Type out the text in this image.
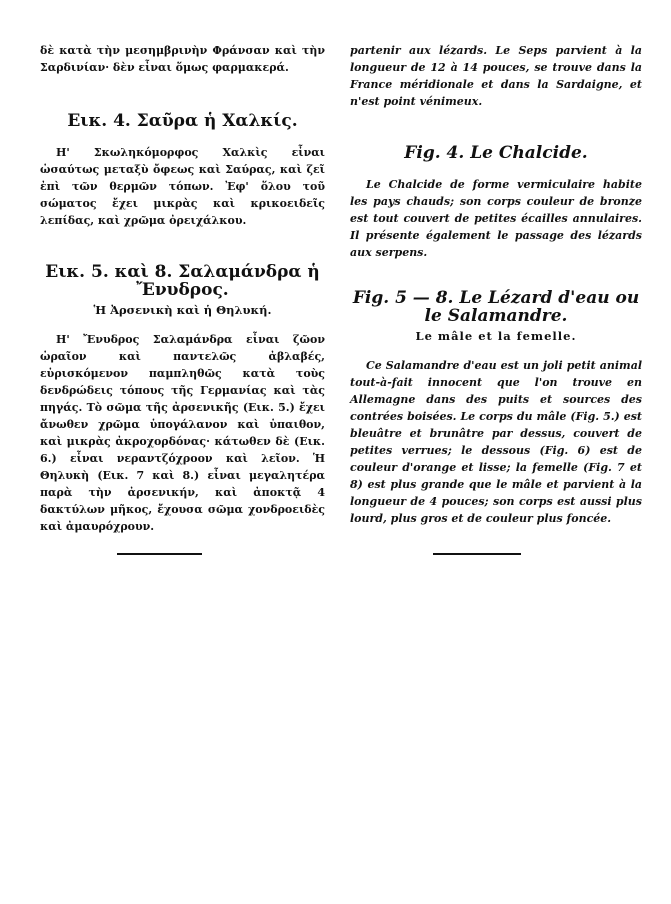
δὲ κατὰ τὴν μεσημβρινὴν Φράνσαν καὶ τὴν Σαρδινίαν· δὲν εἶναι ὅμως φαρμακερά.

Εικ. 4. Σαῦρα ἡ Χαλκίς.

Η' Σκωληκόμορφος Χαλκὶς εἶναι ὡσαύτως μεταξὺ ὄφεως καὶ Σαύρας, καὶ ζεῖ ἐπὶ τῶν θερμῶν τόπων. Ἐφ' ὅλου τοῦ σώματος ἔχει μικρὰς καὶ κρικοειδεῖς λεπίδας, καὶ χρῶμα ὀρειχάλκου.

Εικ. 5. καὶ 8. Σαλαμάνδρα ἡ Ἔνυδρος.
Ἡ Ἀρσενικὴ καὶ ἡ Θηλυκή.

Η' Ἔνυδρος Σαλαμάνδρα εἶναι ζῶον ὡραῖον καὶ παντελῶς ἀβλαβές, εὑρισκόμενον παμπληθῶς κατὰ τοὺς δενδρώδεις τόπους τῆς Γερμανίας καὶ τὰς πηγάς. Τὸ σῶμα τῆς ἀρσενικῆς (Εικ. 5.) ἔχει ἄνωθεν χρῶμα ὑπογάλανον καὶ ὑπαιθον, καὶ μικρὰς ἀκροχορδόνας· κάτωθεν δὲ (Εικ. 6.) εἶναι νεραντζόχροον καὶ λεῖον. Ἡ Θηλυκὴ (Εικ. 7 καὶ 8.) εἶναι μεγαλητέρα παρὰ τὴν ἀρσενικήν, καὶ ἀποκτᾷ 4 δακτύλων μῆκος, ἔχουσα σῶμα χονδροειδὲς καὶ ἀμαυρόχρουν.

partenir aux lézards. Le Seps parvient à la longueur de 12 à 14 pouces, se trouve dans la France méridionale et dans la Sardaigne, et n'est point vénimeux.

Fig. 4. Le Chalcide.

Le Chalcide de forme vermiculaire habite les pays chauds; son corps couleur de bronze est tout couvert de petites écailles annulaires. Il présente également le passage des lézards aux serpens.

Fig. 5 — 8. Le Lézard d'eau ou le Salamandre.
Le mâle et la femelle.

Ce Salamandre d'eau est un joli petit animal tout-à-fait innocent que l'on trouve en Allemagne dans des puits et sources des contrées boisées. Le corps du mâle (Fig. 5.) est bleuâtre et brunâtre par dessus, couvert de petites verrues; le dessous (Fig. 6) est de couleur d'orange et lisse; la femelle (Fig. 7 et 8) est plus grande que le mâle et parvient à la longueur de 4 pouces; son corps est aussi plus lourd, plus gros et de couleur plus foncée.
